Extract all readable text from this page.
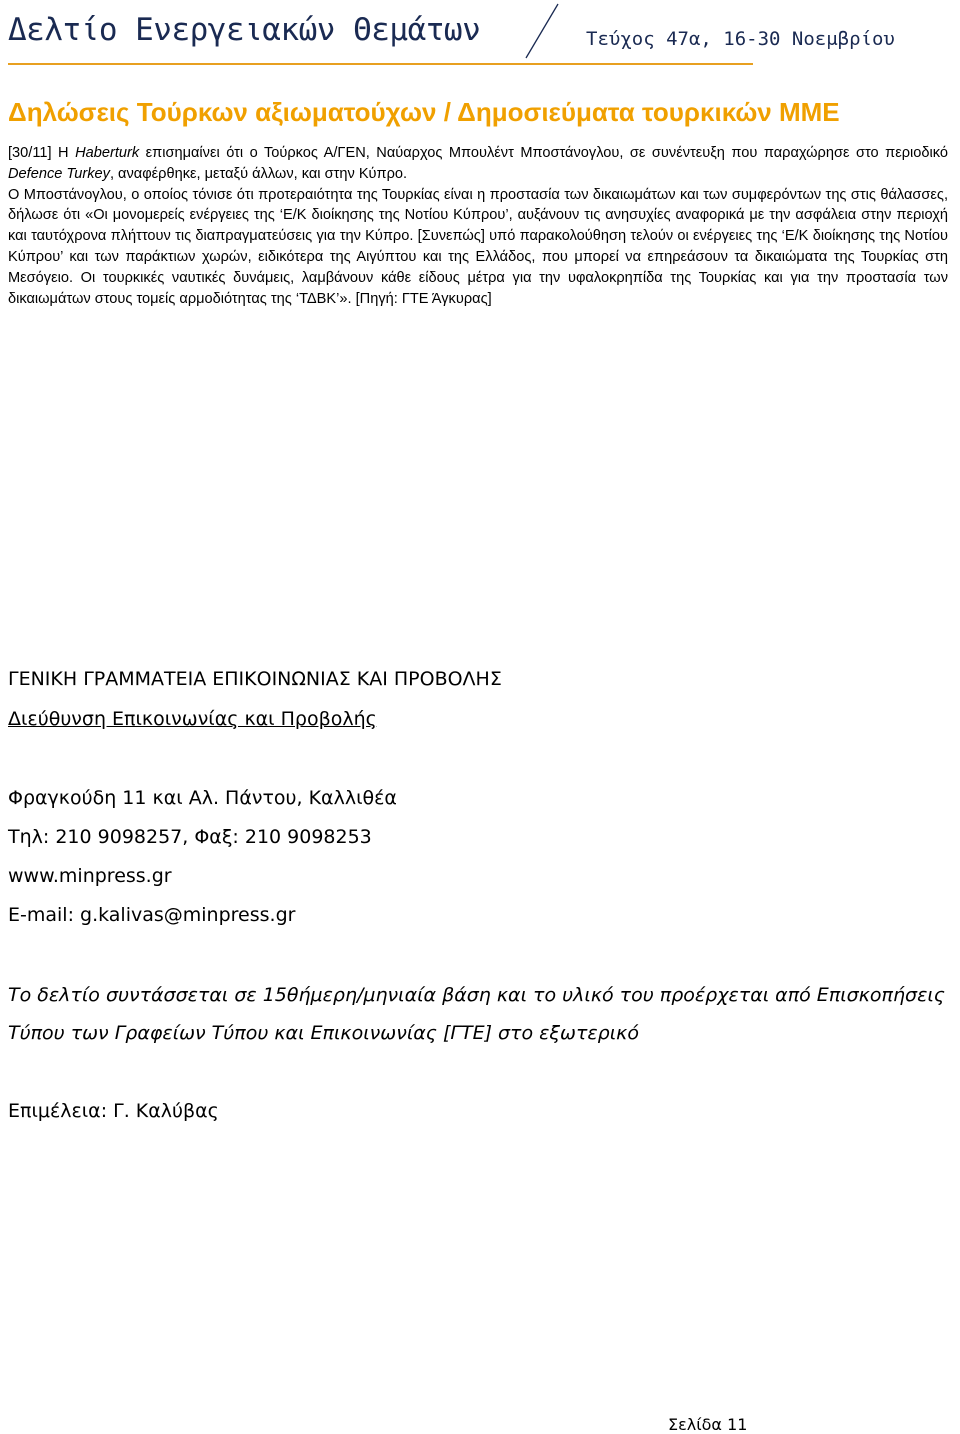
Δελτίο Ενεργειακών Θεμάτων	Τεύχος 47α, 16-30 Νοεμβρίου
Δηλώσεις Τούρκων αξιωματούχων / Δημοσιεύματα τουρκικών ΜΜΕ

[30/11] Η Haberturk επισημαίνει ότι ο Τούρκος Α/ΓΕΝ, Ναύαρχος Μπουλέντ Μποστάνογλου, σε συνέντευξη που παραχώρησε στο περιοδικό Defence Turkey, αναφέρθηκε, μεταξύ άλλων, και στην Κύπρο.

Ο Μποστάνογλου, ο οποίος τόνισε ότι προτεραιότητα της Τουρκίας είναι η προστασία των δικαιωμάτων και των συμφερόντων της στις θάλασσες, δήλωσε ότι «Οι μονομερείς ενέργειες της ‘Ε/Κ διοίκησης της Νοτίου Κύπρου’, αυξάνουν τις ανησυχίες αναφορικά με την ασφάλεια στην περιοχή και ταυτόχρονα πλήττουν τις διαπραγματεύσεις για την Κύπρο. [Συνεπώς] υπό παρακολούθηση τελούν οι ενέργειες της ‘Ε/Κ διοίκησης της Νοτίου Κύπρου’ και των παράκτιων χωρών, ειδικότερα της Αιγύπτου και της Ελλάδος, που μπορεί να επηρεάσουν τα δικαιώματα της Τουρκίας στη Μεσόγειο. Οι τουρκικές ναυτικές δυνάμεις, λαμβάνουν κάθε είδους μέτρα για την υφαλοκρηπίδα της Τουρκίας και για την προστασία των δικαιωμάτων στους τομείς αρμοδιότητας της ‘ΤΔΒΚ’». [Πηγή: ΓΤΕ Άγκυρας]

ΓΕΝΙΚΗ ΓΡΑΜΜΑΤΕΙΑ ΕΠΙΚΟΙΝΩΝΙΑΣ ΚΑΙ ΠΡΟΒΟΛΗΣ
Διεύθυνση Επικοινωνίας και Προβολής
Φραγκούδη 11 και Αλ. Πάντου, Καλλιθέα
Τηλ: 210 9098257, Φαξ: 210 9098253
www.minpress.gr
E-mail: g.kalivas@minpress.gr
Το δελτίο συντάσσεται σε 15θήμερη/μηνιαία βάση και το υλικό του προέρχεται από Επισκοπήσεις
Τύπου των Γραφείων Τύπου και Επικοινωνίας [ΓΤΕ] στο εξωτερικό
Επιμέλεια: Γ. Καλύβας
Σελίδα 11
